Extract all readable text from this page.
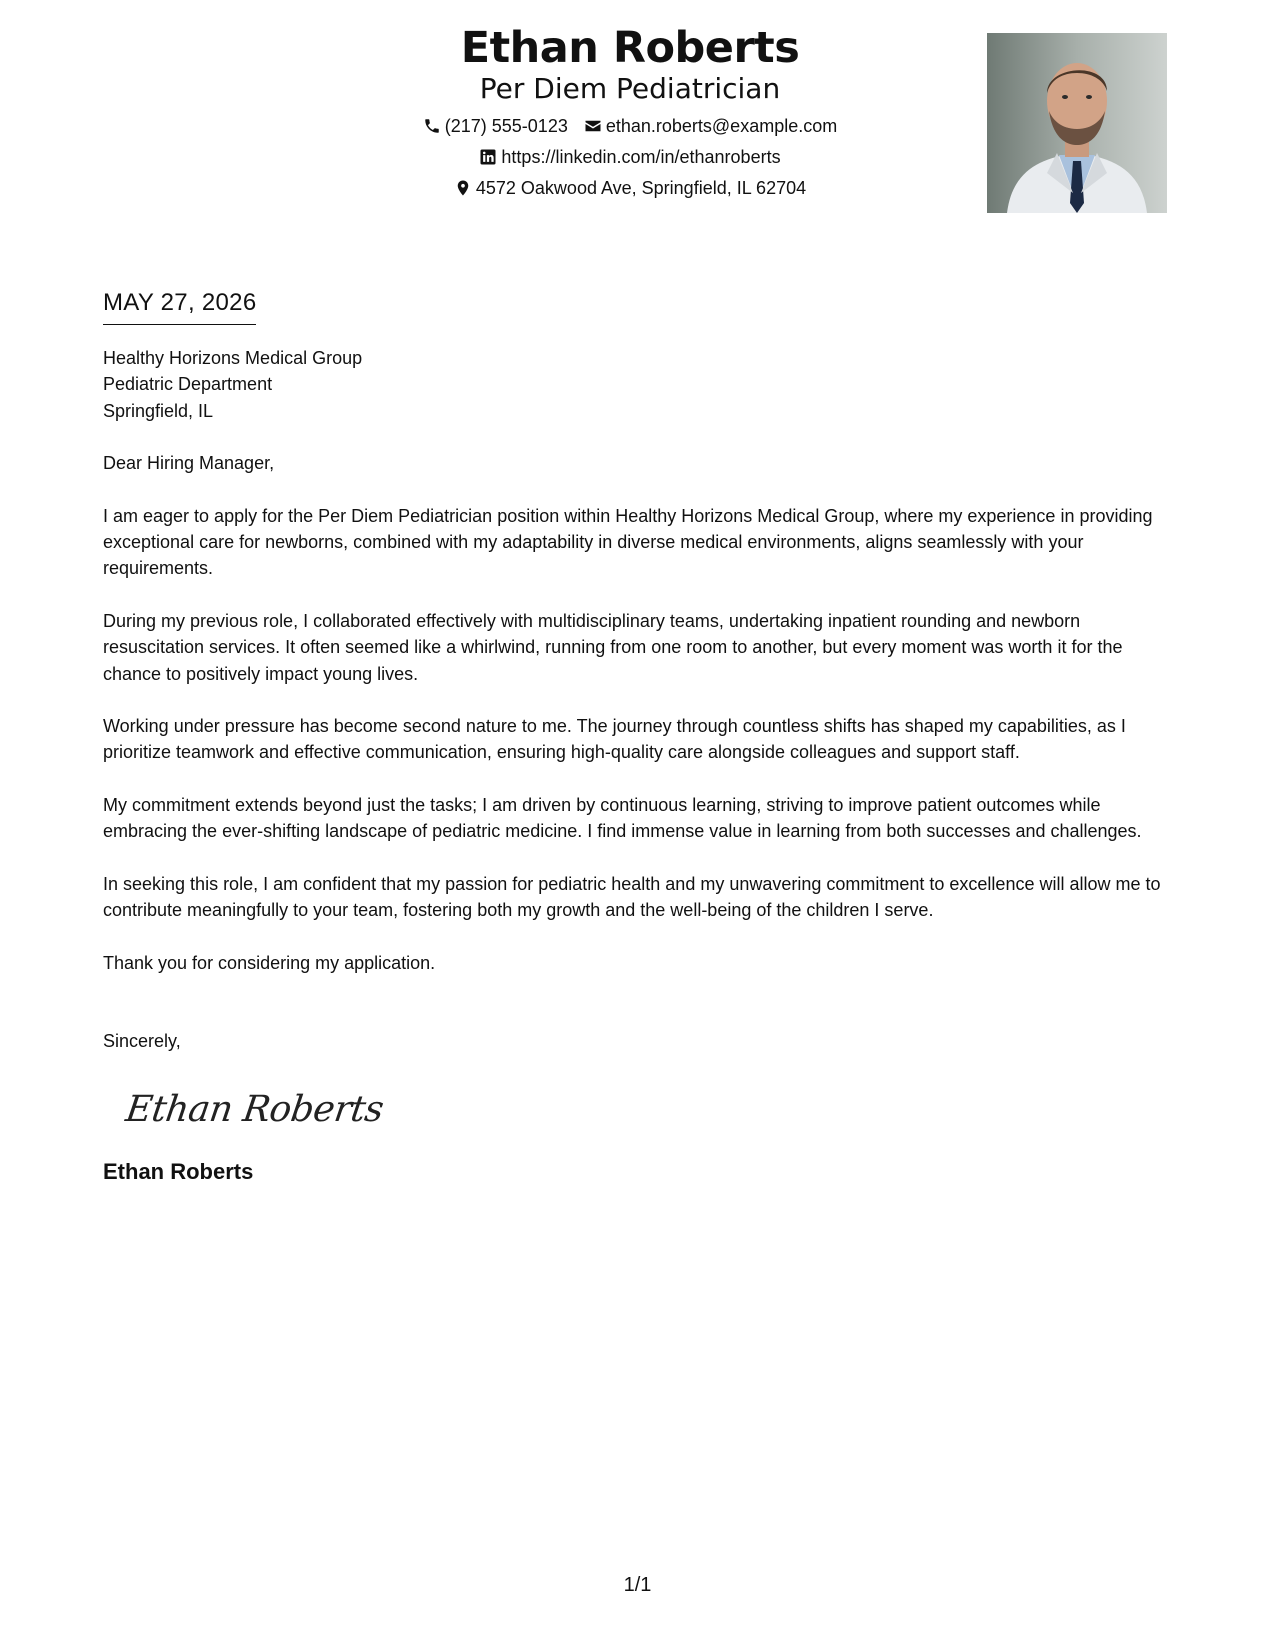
Ethan Roberts
Per Diem Pediatrician
(217) 555-0123 ethan.roberts@example.com
https://linkedin.com/in/ethanroberts
4572 Oakwood Ave, Springfield, IL 62704
MAY 27, 2026
Healthy Horizons Medical Group
Pediatric Department
Springfield, IL
Dear Hiring Manager,

I am eager to apply for the Per Diem Pediatrician position within Healthy Horizons Medical Group, where my experience in providing exceptional care for newborns, combined with my adaptability in diverse medical environments, aligns seamlessly with your requirements.

During my previous role, I collaborated effectively with multidisciplinary teams, undertaking inpatient rounding and newborn resuscitation services. It often seemed like a whirlwind, running from one room to another, but every moment was worth it for the chance to positively impact young lives.

Working under pressure has become second nature to me. The journey through countless shifts has shaped my capabilities, as I prioritize teamwork and effective communication, ensuring high-quality care alongside colleagues and support staff.

My commitment extends beyond just the tasks; I am driven by continuous learning, striving to improve patient outcomes while embracing the ever-shifting landscape of pediatric medicine. I find immense value in learning from both successes and challenges.

In seeking this role, I am confident that my passion for pediatric health and my unwavering commitment to excellence will allow me to contribute meaningfully to your team, fostering both my growth and the well-being of the children I serve.

Thank you for considering my application.

Sincerely,
Ethan Roberts
Ethan Roberts
1/1
